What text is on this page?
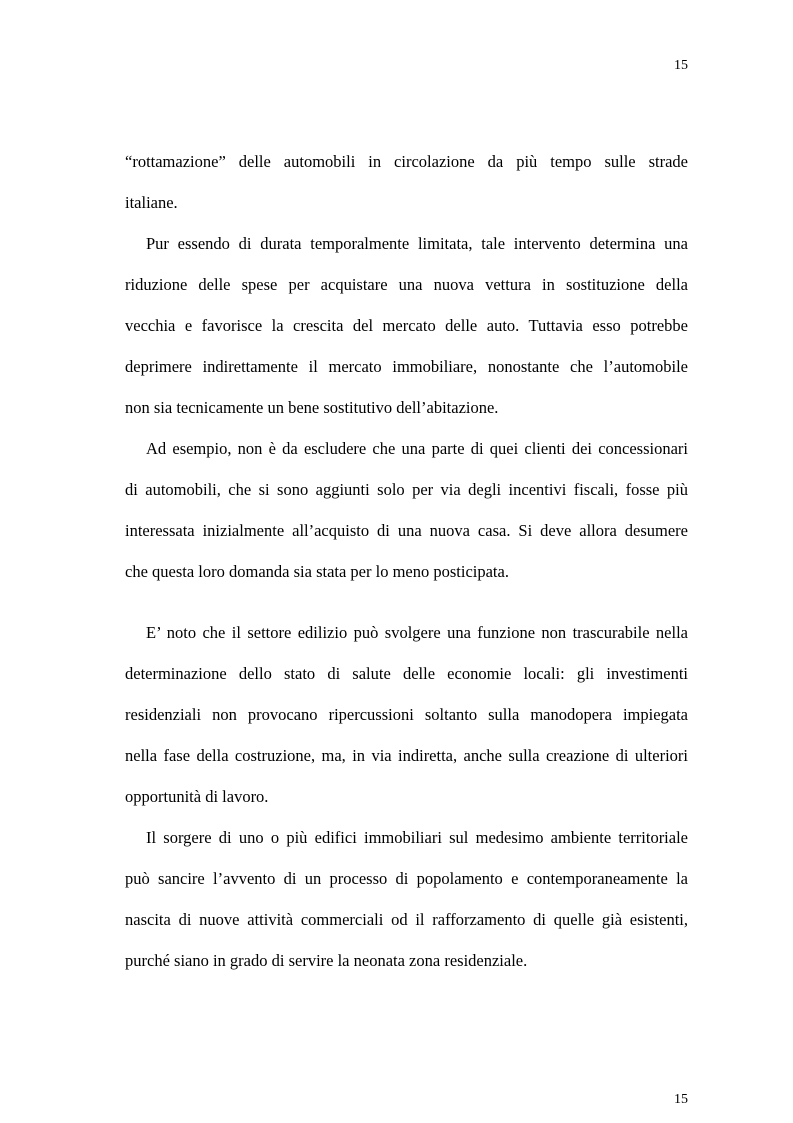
15
“rottamazione” delle automobili in circolazione da più tempo sulle strade
italiane.
Pur essendo di durata temporalmente limitata, tale intervento determina una
riduzione delle spese per acquistare una nuova vettura in sostituzione della
vecchia e favorisce la crescita del mercato delle auto. Tuttavia esso potrebbe
deprimere indirettamente il mercato immobiliare, nonostante che l’automobile
non sia tecnicamente un bene sostitutivo dell’abitazione.
Ad esempio, non è da escludere che una parte di quei clienti dei concessionari
di automobili, che si sono aggiunti solo per via degli incentivi fiscali, fosse più
interessata inizialmente all’acquisto di una nuova casa. Si deve allora desumere
che questa loro domanda sia stata per lo meno posticipata.
E’ noto che il settore edilizio può svolgere una funzione non trascurabile nella
determinazione dello stato di salute delle economie locali: gli investimenti
residenziali non provocano ripercussioni soltanto sulla manodopera impiegata
nella fase della costruzione, ma, in via indiretta, anche sulla creazione di ulteriori
opportunità di lavoro.
Il sorgere di uno o più edifici immobiliari sul medesimo ambiente territoriale
può sancire l’avvento di un processo di popolamento e contemporaneamente la
nascita di nuove attività commerciali od il rafforzamento di quelle già esistenti,
purché siano in grado di servire la neonata zona residenziale.
15
